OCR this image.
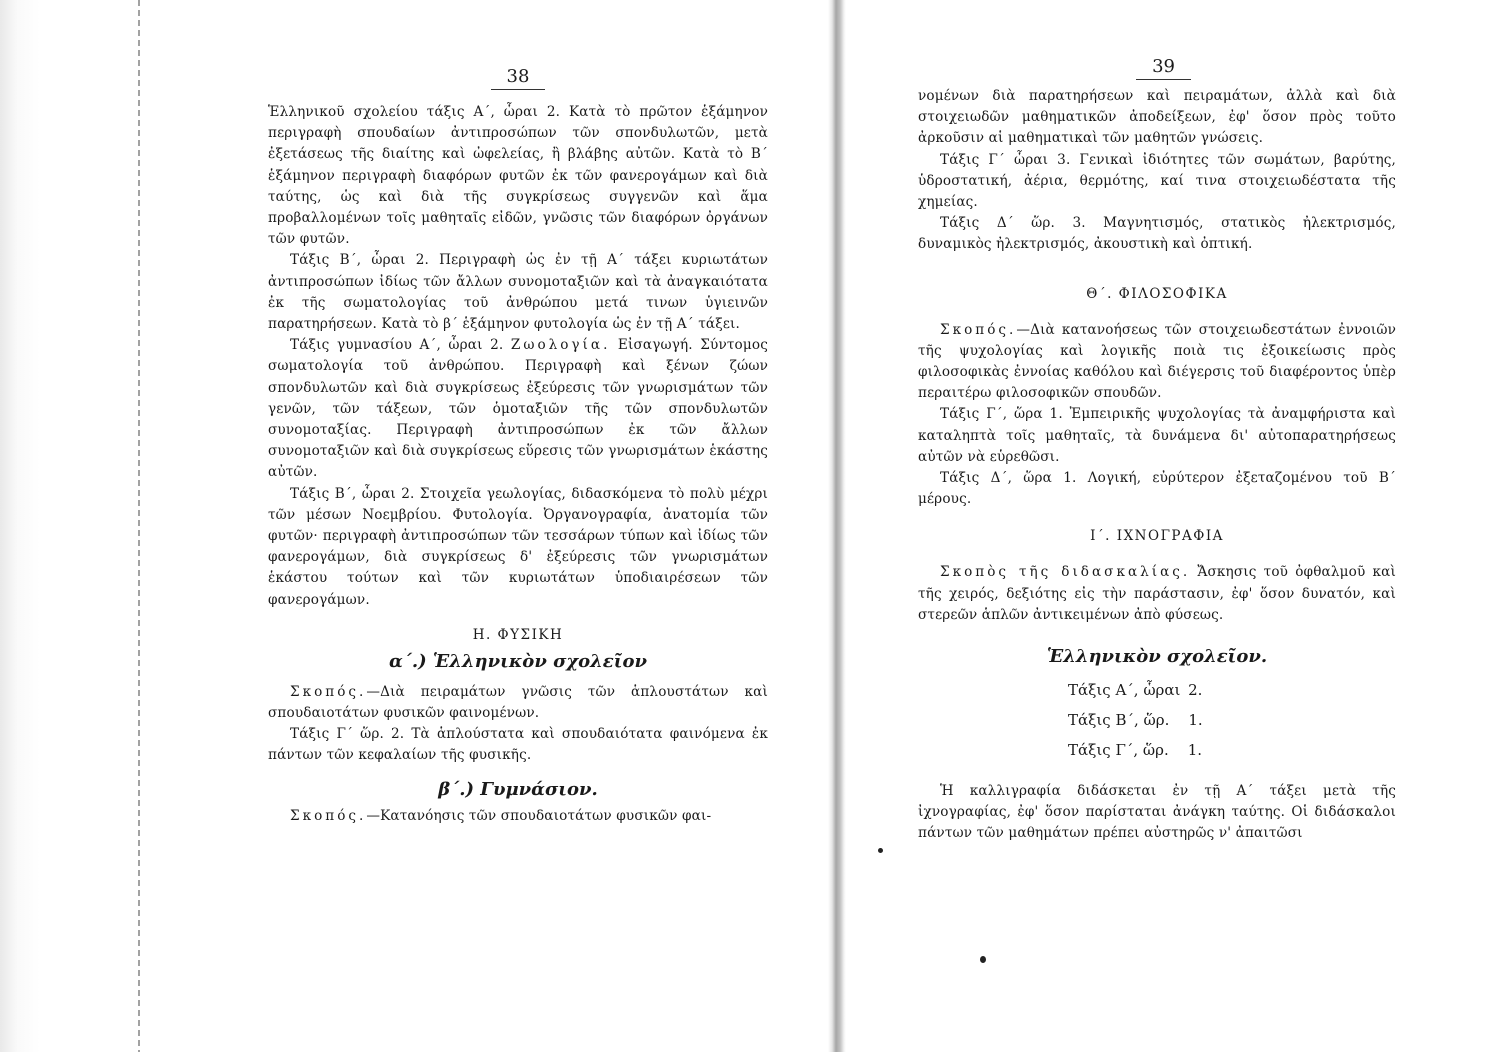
38

Ἑλληνικοῦ σχολείου τάξις Α΄, ὧραι 2. Κατὰ τὸ πρῶτον ἑξάμηνον περιγραφὴ σπουδαίων ἀντιπροσώπων τῶν σπονδυλωτῶν, μετὰ ἐξετάσεως τῆς διαίτης καὶ ὠφελείας, ἢ βλάβης αὐτῶν. Κατὰ τὸ Β΄ ἑξάμηνον περιγραφὴ διαφόρων φυτῶν ἐκ τῶν φανερογάμων καὶ διὰ ταύτης, ὡς καὶ διὰ τῆς συγκρίσεως συγγενῶν καὶ ἅμα προβαλλομένων τοῖς μαθηταῖς εἰδῶν, γνῶσις τῶν διαφόρων ὀργάνων τῶν φυτῶν.

Τάξις Β΄, ὧραι 2. Περιγραφὴ ὡς ἐν τῇ Α΄ τάξει κυριωτάτων ἀντιπροσώπων ἰδίως τῶν ἄλλων συνομοταξιῶν καὶ τὰ ἀναγκαιότατα ἐκ τῆς σωματολογίας τοῦ ἀνθρώπου μετά τινων ὑγιεινῶν παρατηρήσεων. Κατὰ τὸ β΄ ἑξάμηνον φυτολογία ὡς ἐν τῇ Α΄ τάξει.

Τάξις γυμνασίου Α΄, ὧραι 2. Ζωολογία. Εἰσαγωγή. Σύντομος σωματολογία τοῦ ἀνθρώπου. Περιγραφὴ καὶ ξένων ζώων σπονδυλωτῶν καὶ διὰ συγκρίσεως ἐξεύρεσις τῶν γνωρισμάτων τῶν γενῶν, τῶν τάξεων, τῶν ὁμοταξιῶν τῆς τῶν σπονδυλωτῶν συνομοταξίας. Περιγραφὴ ἀντιπροσώπων ἐκ τῶν ἄλλων συνομοταξιῶν καὶ διὰ συγκρίσεως εὕρεσις τῶν γνωρισμάτων ἑκάστης αὐτῶν.

Τάξις Β΄, ὧραι 2. Στοιχεῖα γεωλογίας, διδασκόμενα τὸ πολὺ μέχρι τῶν μέσων Νοεμβρίου. Φυτολογία. Ὀργανογραφία, ἀνατομία τῶν φυτῶν· περιγραφὴ ἀντιπροσώπων τῶν τεσσάρων τύπων καὶ ἰδίως τῶν φανερογάμων, διὰ συγκρίσεως δ' ἐξεύρεσις τῶν γνωρισμάτων ἑκάστου τούτων καὶ τῶν κυριωτάτων ὑποδιαιρέσεων τῶν φανερογάμων.

Η. ΦΥΣΙΚΗ
α΄.) Ἑλληνικὸν σχολεῖον

Σκοπός.—Διὰ πειραμάτων γνῶσις τῶν ἁπλουστάτων καὶ σπουδαιοτάτων φυσικῶν φαινομένων.

Τάξις Γ΄ ὥρ. 2. Τὰ ἁπλούστατα καὶ σπουδαιότατα φαινόμενα ἐκ πάντων τῶν κεφαλαίων τῆς φυσικῆς.

β΄.) Γυμνάσιον.

Σκοπός.—Κατανόησις τῶν σπουδαιοτάτων φυσικῶν φαι-

39

νομένων διὰ παρατηρήσεων καὶ πειραμάτων, ἀλλὰ καὶ διὰ στοιχειωδῶν μαθηματικῶν ἀποδείξεων, ἐφ' ὅσον πρὸς τοῦτο ἀρκοῦσιν αἱ μαθηματικαὶ τῶν μαθητῶν γνώσεις.

Τάξις Γ΄ ὧραι 3. Γενικαὶ ἰδιότητες τῶν σωμάτων, βαρύτης, ὑδροστατική, ἀέρια, θερμότης, καί τινα στοιχειωδέστατα τῆς χημείας.

Τάξις Δ΄ ὥρ. 3. Μαγνητισμός, στατικὸς ἠλεκτρισμός, δυναμικὸς ἠλεκτρισμός, ἀκουστικὴ καὶ ὀπτική.

Θ΄. ΦΙΛΟΣΟΦΙΚΑ

Σκοπός.—Διὰ κατανοήσεως τῶν στοιχειωδεστάτων ἐννοιῶν τῆς ψυχολογίας καὶ λογικῆς ποιὰ τις ἐξοικείωσις πρὸς φιλοσοφικὰς ἐννοίας καθόλου καὶ διέγερσις τοῦ διαφέροντος ὑπὲρ περαιτέρω φιλοσοφικῶν σπουδῶν.

Τάξις Γ΄, ὥρα 1. Ἐμπειρικῆς ψυχολογίας τὰ ἀναμφήριστα καὶ καταληπτὰ τοῖς μαθηταῖς, τὰ δυνάμενα δι' αὐτοπαρατηρήσεως αὐτῶν νὰ εὑρεθῶσι.

Τάξις Δ΄, ὥρα 1. Λογική, εὐρύτερον ἐξεταζομένου τοῦ Β΄ μέρους.

Ι΄. ΙΧΝΟΓΡΑΦΙΑ

Σκοπὸς τῆς διδασκαλίας. Ἄσκησις τοῦ ὀφθαλμοῦ καὶ τῆς χειρός, δεξιότης εἰς τὴν παράστασιν, ἐφ' ὅσον δυνατόν, καὶ στερεῶν ἁπλῶν ἀντικειμένων ἀπὸ φύσεως.

Ἑλληνικὸν σχολεῖον.
Τάξις Α΄, ὧραι 2.
Τάξις Β΄, ὥρ. 1.
Τάξις Γ΄, ὥρ. 1.

Ἡ καλλιγραφία διδάσκεται ἐν τῇ Α΄ τάξει μετὰ τῆς ἰχνογραφίας, ἐφ' ὅσον παρίσταται ἀνάγκη ταύτης. Οἱ διδάσκαλοι πάντων τῶν μαθημάτων πρέπει αὐστηρῶς ν' ἀπαιτῶσι
